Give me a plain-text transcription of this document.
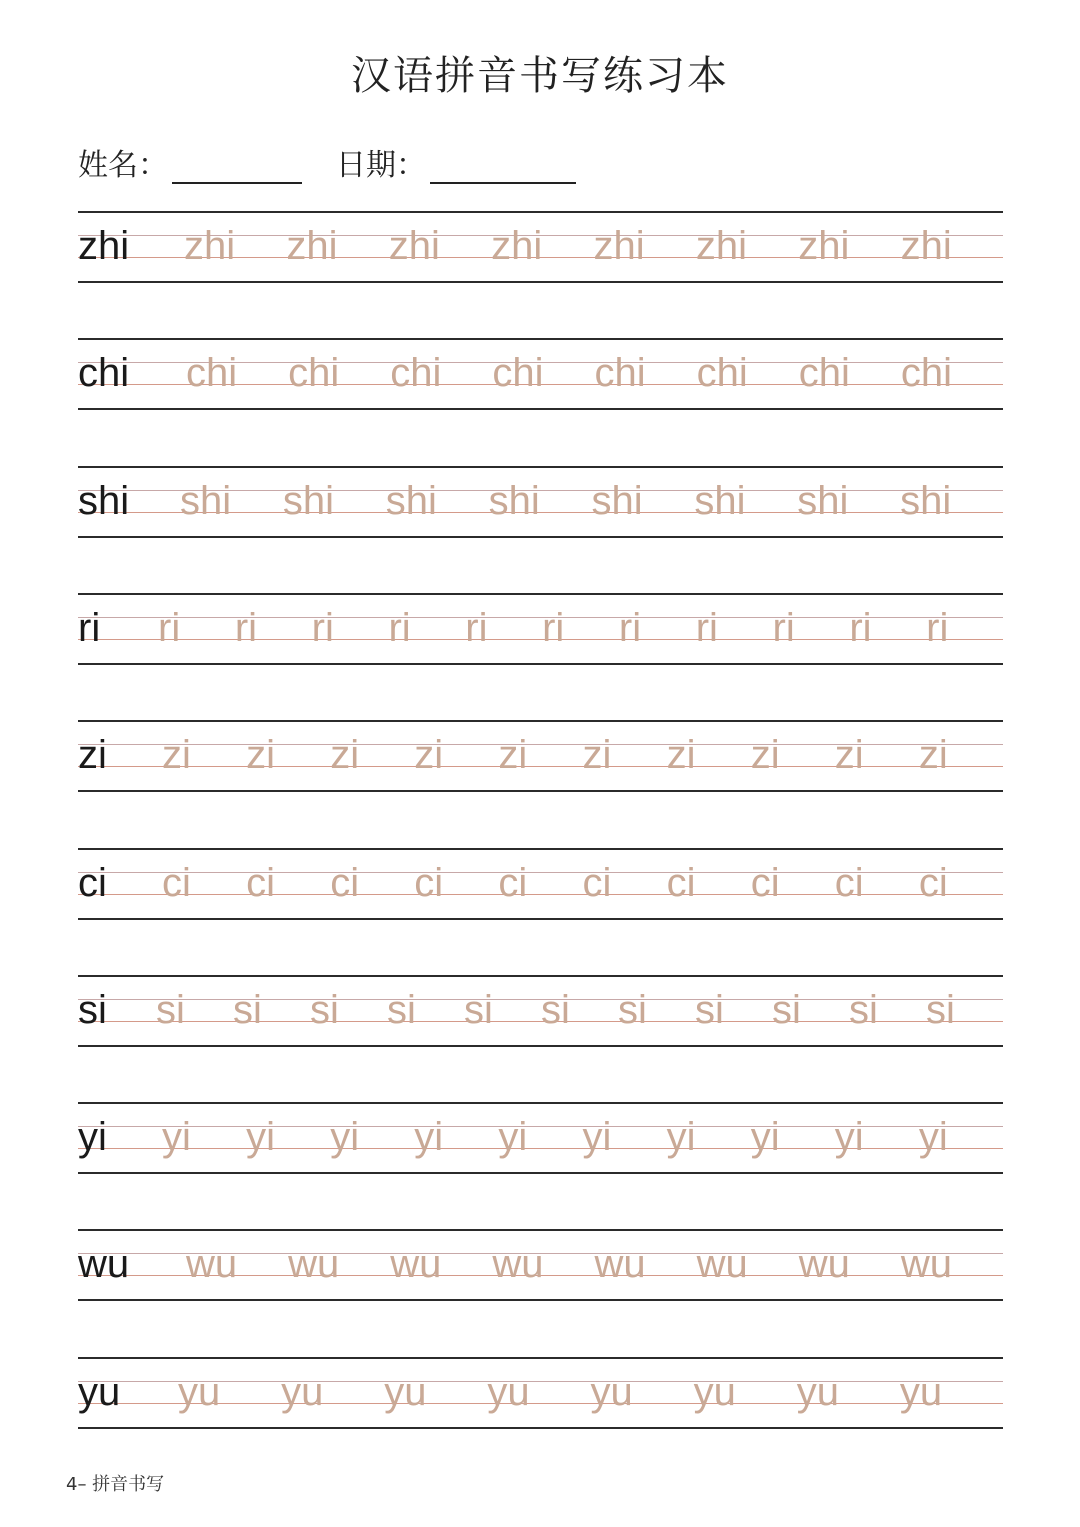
汉语拼音书写练习本
姓名：	日期：
zhi zhi zhi zhi zhi zhi zhi zhi zhi
chi chi chi chi chi chi chi chi chi
shi shi shi shi shi shi shi shi shi
ri ri ri ri ri ri ri ri ri ri ri ri
zi zi zi zi zi zi zi zi zi zi zi
ci ci ci ci ci ci ci ci ci ci ci
si si si si si si si si si si si si
yi yi yi yi yi yi yi yi yi yi yi
wu wu wu wu wu wu wu wu wu
yu yu yu yu yu yu yu yu yu
4– 拼音书写
